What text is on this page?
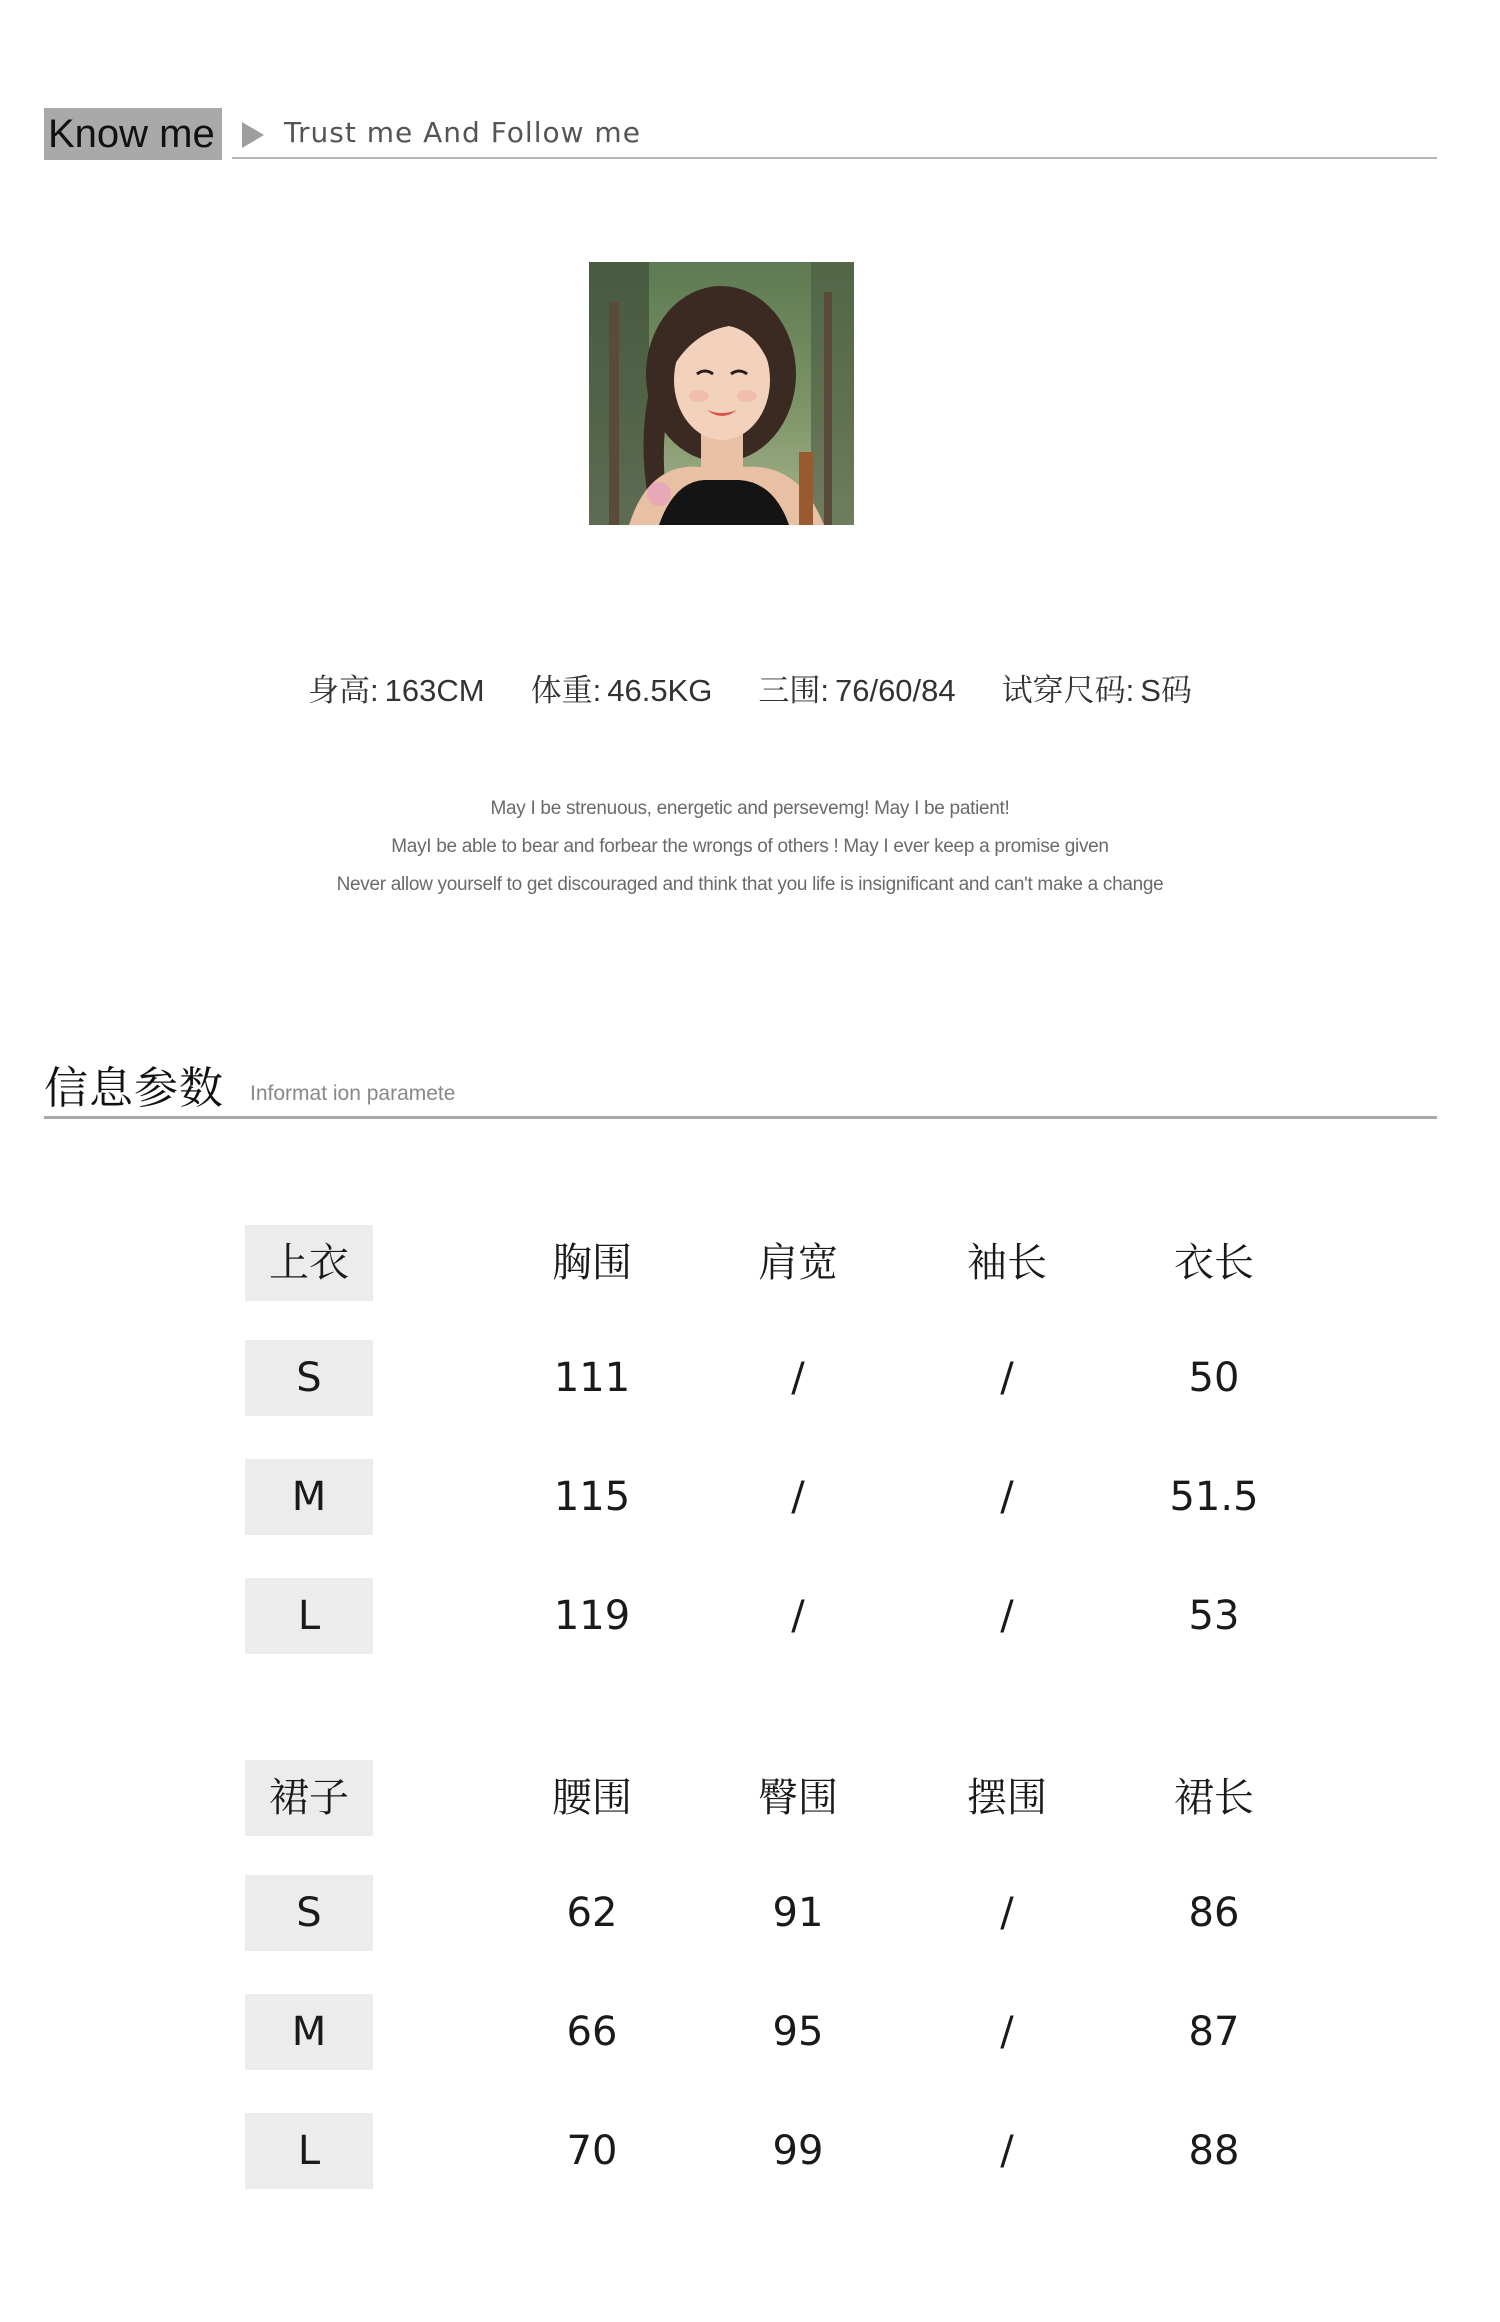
Know me Trust me And Follow me
身高: 163CM 体重: 46.5KG 三围: 76/60/84 试穿尺码: S码
May I be strenuous, energetic and persevemg! May I be patient!
MayI be able to bear and forbear the wrongs of others ! May I ever keep a promise given
Never allow yourself to get discouraged and think that you life is insignificant and can't make a change
信息参数 Informat ion paramete
上衣	胸围	肩宽	袖长	衣长
S	111	/	/	50
M	115	/	/	51.5
L	119	/	/	53
裙子	腰围	臀围	摆围	裙长
S	62	91	/	86
M	66	95	/	87
L	70	99	/	88
